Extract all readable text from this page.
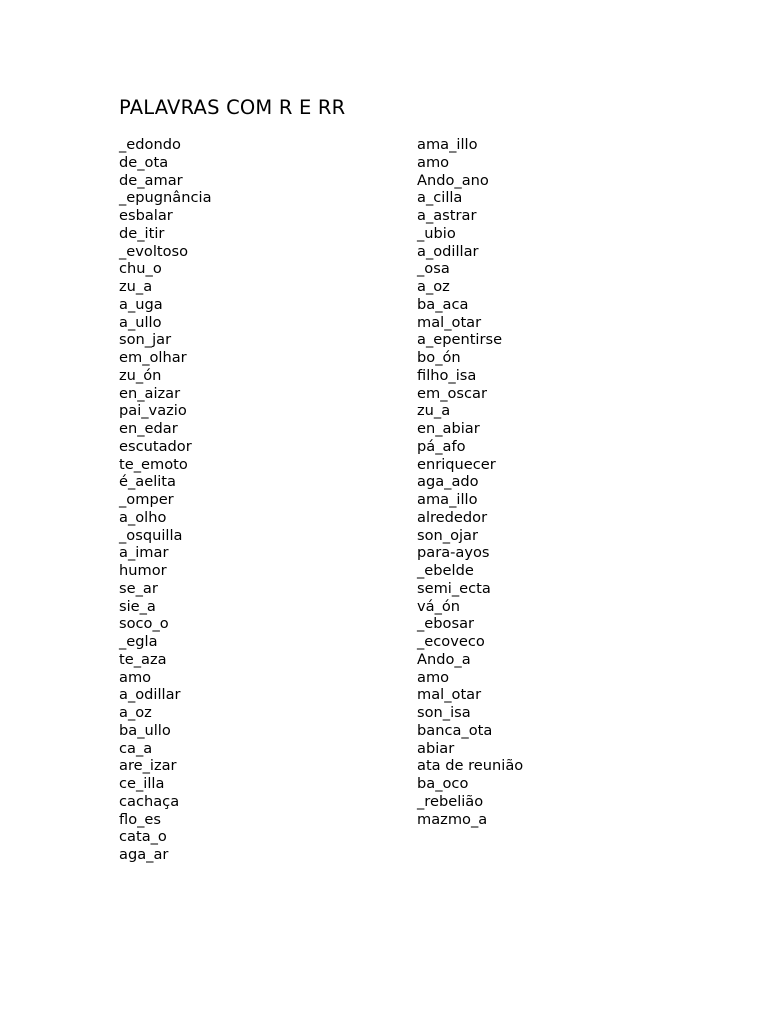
PALAVRAS COM R E RR
_edondo
de_ota
de_amar
_epugnância
esbalar
de_itir
_evoltoso
chu_o
zu_a
a_uga
a_ullo
son_jar
em_olhar
zu_ón
en_aizar
pai_vazio
en_edar
escutador
te_emoto
é_aelita
_omper
a_olho
_osquilla
a_imar
humor
se_ar
sie_a
soco_o
_egla
te_aza
amo
a_odillar
a_oz
ba_ullo
ca_a
are_izar
ce_illa
cachaça
flo_es
cata_o
aga_ar
ama_illo
amo
Ando_ano
a_cilla
a_astrar
_ubio
a_odillar
_osa
a_oz
ba_aca
mal_otar
a_epentirse
bo_ón
filho_isa
em_oscar
zu_a
en_abiar
pá_afo
enriquecer
aga_ado
ama_illo
alrededor
son_ojar
para-ayos
_ebelde
semi_ecta
vá_ón
_ebosar
_ecoveco
Ando_a
amo
mal_otar
son_isa
banca_ota
abiar
ata de reunião
ba_oco
_rebelião
mazmo_a
